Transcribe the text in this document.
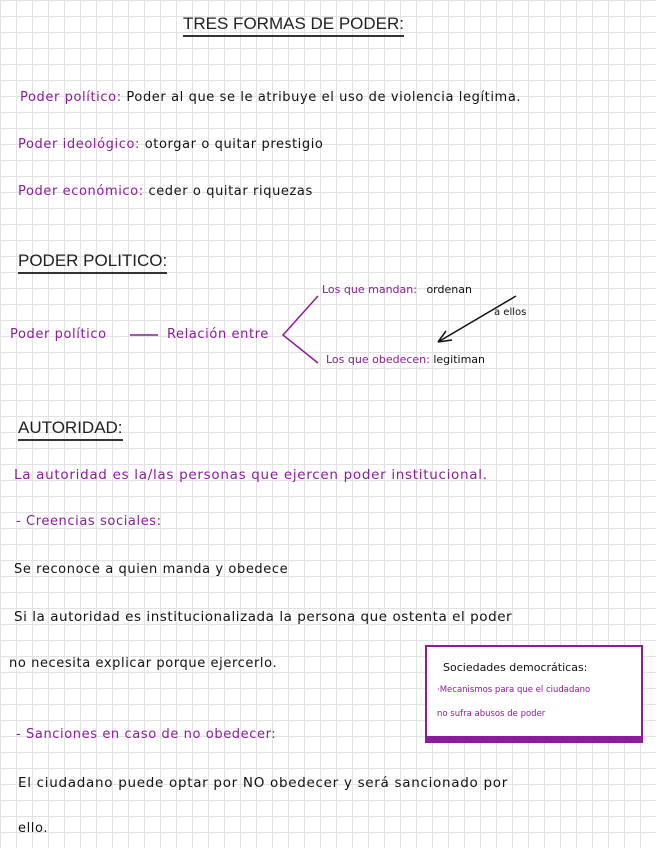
TRES FORMAS DE PODER:
Poder político: Poder al que se le atribuye el uso de violencia legítima.
Poder ideológico: otorgar o quitar prestigio
Poder económico: ceder o quitar riquezas
PODER POLITICO:
Poder político	Relación entre
Los que mandan: ordenan
a ellos
Los que obedecen: legitiman
AUTORIDAD:
La autoridad es la/las personas que ejercen poder institucional.
- Creencias sociales:
Se reconoce a quien manda y obedece
Si la autoridad es institucionalizada la persona que ostenta el poder
no necesita explicar porque ejercerlo.	Sociedades democráticas:
·Mecanismos para que el ciudadano
no sufra abusos de poder
- Sanciones en caso de no obedecer:
El ciudadano puede optar por NO obedecer y será sancionado por
ello.
